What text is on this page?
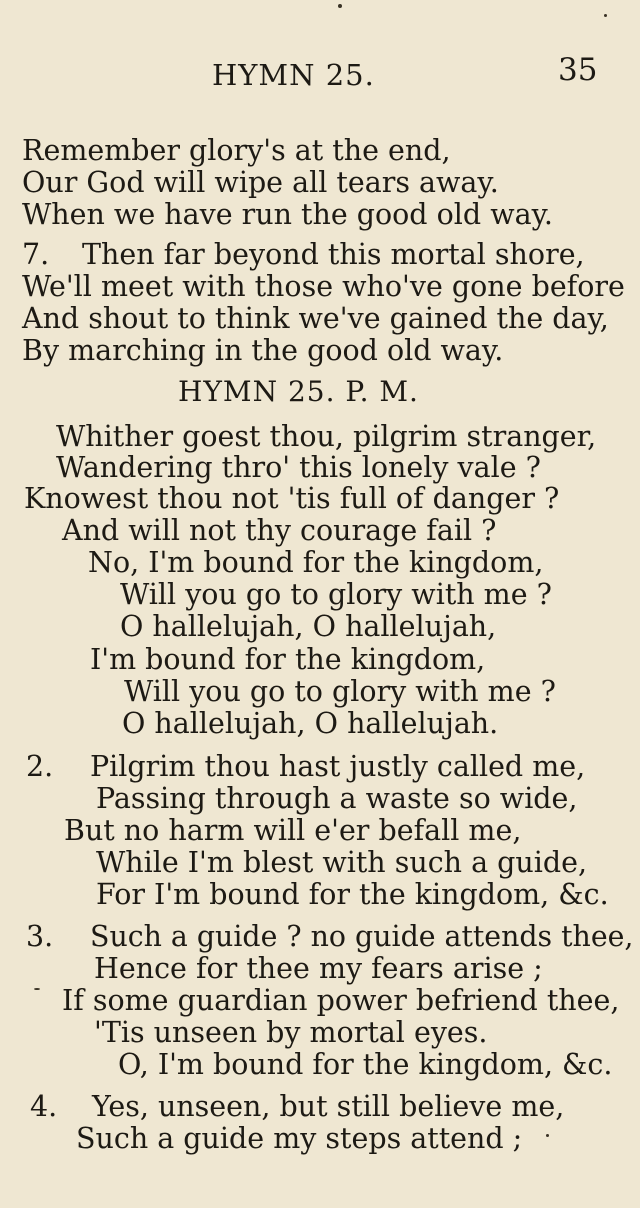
HYMN 25.	35
Remember glory's at the end,
Our God will wipe all tears away.
When we have run the good old way.
7. Then far beyond this mortal shore,
We'll meet with those who've gone before
And shout to think we've gained the day,
By marching in the good old way.
HYMN 25. P. M.
Whither goest thou, pilgrim stranger,
Wandering thro' this lonely vale ?
Knowest thou not 'tis full of danger ?
And will not thy courage fail ?
No, I'm bound for the kingdom,
Will you go to glory with me ?
O hallelujah, O hallelujah,
I'm bound for the kingdom,
Will you go to glory with me ?
O hallelujah, O hallelujah.
2. Pilgrim thou hast justly called me,
Passing through a waste so wide,
But no harm will e'er befall me,
While I'm blest with such a guide,
For I'm bound for the kingdom, &c.
3. Such a guide ? no guide attends thee,
Hence for thee my fears arise ;
If some guardian power befriend thee,
'Tis unseen by mortal eyes.
O, I'm bound for the kingdom, &c.
4. Yes, unseen, but still believe me,
Such a guide my steps attend ;
